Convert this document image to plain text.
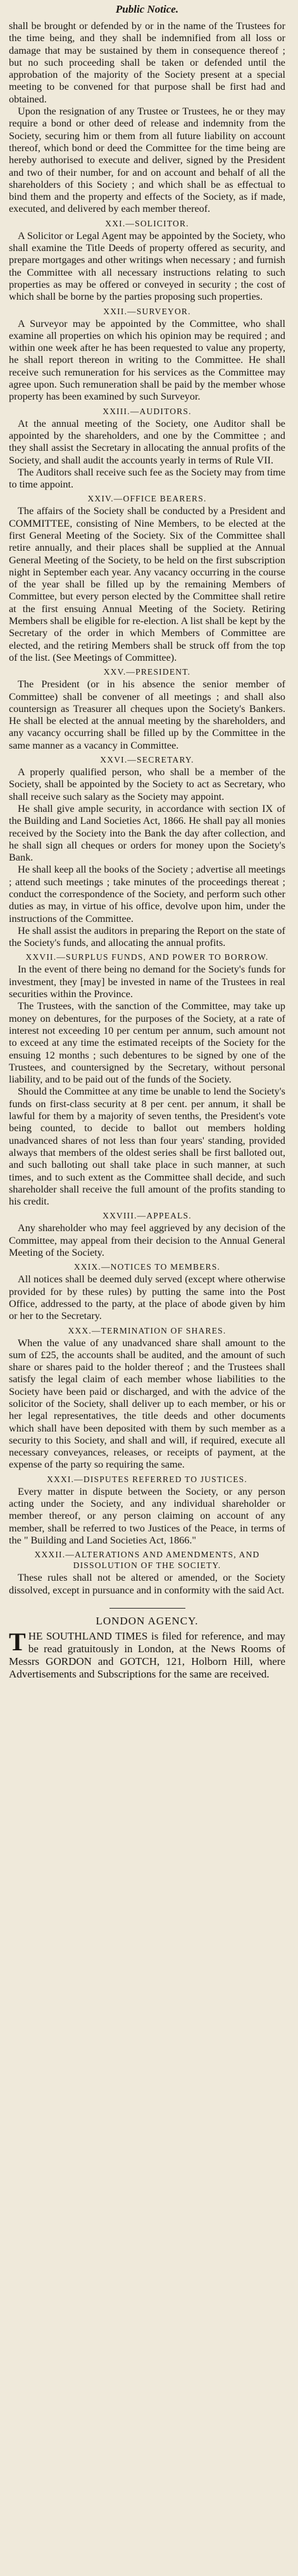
Public Notice.

shall be brought or defended by or in the name of the Trustees for the time being, and they shall be indemnified from all loss or damage that may be sustained by them in consequence thereof ; but no such proceeding shall be taken or defended until the approbation of the majority of the Society present at a special meeting to be convened for that purpose shall be first had and obtained.

Upon the resignation of any Trustee or Trustees, he or they may require a bond or other deed of release and indemnity from the Society, securing him or them from all future liability on account thereof, which bond or deed the Committee for the time being are hereby authorised to execute and deliver, signed by the President and two of their number, for and on account and behalf of all the shareholders of this Society ; and which shall be as effectual to bind them and the property and effects of the Society, as if made, executed, and delivered by each member thereof.

XXI.—SOLICITOR.

A Solicitor or Legal Agent may be appointed by the Society, who shall examine the Title Deeds of property offered as security, and prepare mortgages and other writings when necessary ; and furnish the Committee with all necessary instructions relating to such properties as may be offered or conveyed in security ; the cost of which shall be borne by the parties proposing such properties.

XXII.—SURVEYOR.

A Surveyor may be appointed by the Committee, who shall examine all properties on which his opinion may be required ; and within one week after he has been requested to value any property, he shall report thereon in writing to the Committee. He shall receive such remuneration for his services as the Committee may agree upon. Such remuneration shall be paid by the member whose property has been examined by such Surveyor.

XXIII.—AUDITORS.

At the annual meeting of the Society, one Auditor shall be appointed by the shareholders, and one by the Committee ; and they shall assist the Secretary in allocating the annual profits of the Society, and shall audit the accounts yearly in terms of Rule VII.

The Auditors shall receive such fee as the Society may from time to time appoint.

XXIV.—OFFICE BEARERS.

The affairs of the Society shall be conducted by a President and COMMITTEE, consisting of Nine Members, to be elected at the first General Meeting of the Society. Six of the Committee shall retire annually, and their places shall be supplied at the Annual General Meeting of the Society, to be held on the first subscription night in September each year. Any vacancy occurring in the course of the year shall be filled up by the remaining Members of Committee, but every person elected by the Committee shall retire at the first ensuing Annual Meeting of the Society. Retiring Members shall be eligible for re-election. A list shall be kept by the Secretary of the order in which Members of Committee are elected, and the retiring Members shall be struck off from the top of the list. (See Meetings of Committee).

XXV.—PRESIDENT.

The President (or in his absence the senior member of Committee) shall be convener of all meetings ; and shall also countersign as Treasurer all cheques upon the Society's Bankers. He shall be elected at the annual meeting by the shareholders, and any vacancy occurring shall be filled up by the Committee in the same manner as a vacancy in Committee.

XXVI.—SECRETARY.

A properly qualified person, who shall be a member of the Society, shall be appointed by the Society to act as Secretary, who shall receive such salary as the Society may appoint.

He shall give ample security, in accordance with section IX of the Building and Land Societies Act, 1866. He shall pay all monies received by the Society into the Bank the day after collection, and he shall sign all cheques or orders for money upon the Society's Bank.

He shall keep all the books of the Society ; advertise all meetings ; attend such meetings ; take minutes of the proceedings thereat ; conduct the correspondence of the Society, and perform such other duties as may, in virtue of his office, devolve upon him, under the instructions of the Committee.

He shall assist the auditors in preparing the Report on the state of the Society's funds, and allocating the annual profits.

XXVII.—SURPLUS FUNDS, AND POWER TO BORROW.

In the event of there being no demand for the Society's funds for investment, they [may] be invested in name of the Trustees in real securities within the Province.

The Trustees, with the sanction of the Committee, may take up money on debentures, for the purposes of the Society, at a rate of interest not exceeding 10 per centum per annum, such amount not to exceed at any time the estimated receipts of the Society for the ensuing 12 months ; such debentures to be signed by one of the Trustees, and countersigned by the Secretary, without personal liability, and to be paid out of the funds of the Society.

Should the Committee at any time be unable to lend the Society's funds on first-class security at 8 per cent. per annum, it shall be lawful for them by a majority of seven tenths, the President's vote being counted, to decide to ballot out members holding unadvanced shares of not less than four years' standing, provided always that members of the oldest series shall be first balloted out, and such balloting out shall take place in such manner, at such times, and to such extent as the Committee shall decide, and such shareholder shall receive the full amount of the profits standing to his credit.

XXVIII.—APPEALS.

Any shareholder who may feel aggrieved by any decision of the Committee, may appeal from their decision to the Annual General Meeting of the Society.

XXIX.—NOTICES TO MEMBERS.

All notices shall be deemed duly served (except where otherwise provided for by these rules) by putting the same into the Post Office, addressed to the party, at the place of abode given by him or her to the Secretary.

XXX.—TERMINATION OF SHARES.

When the value of any unadvanced share shall amount to the sum of £25, the accounts shall be audited, and the amount of such share or shares paid to the holder thereof ; and the Trustees shall satisfy the legal claim of each member whose liabilities to the Society have been paid or discharged, and with the advice of the solicitor of the Society, shall deliver up to each member, or his or her legal representatives, the title deeds and other documents which shall have been deposited with them by such member as a security to this Society, and shall and will, if required, execute all necessary conveyances, releases, or receipts of payment, at the expense of the party so requiring the same.

XXXI.—DISPUTES REFERRED TO JUSTICES.

Every matter in dispute between the Society, or any person acting under the Society, and any individual shareholder or member thereof, or any person claiming on account of any member, shall be referred to two Justices of the Peace, in terms of the " Building and Land Societies Act, 1866."

XXXII.—ALTERATIONS AND AMENDMENTS, AND DISSOLUTION OF THE SOCIETY.

These rules shall not be altered or amended, or the Society dissolved, except in pursuance and in conformity with the said Act.

LONDON AGENCY.
THE SOUTHLAND TIMES is filed for reference, and may be read gratuitously in London, at the News Rooms of Messrs GORDON and GOTCH, 121, Holborn Hill, where Advertisements and Subscriptions for the same are received.
